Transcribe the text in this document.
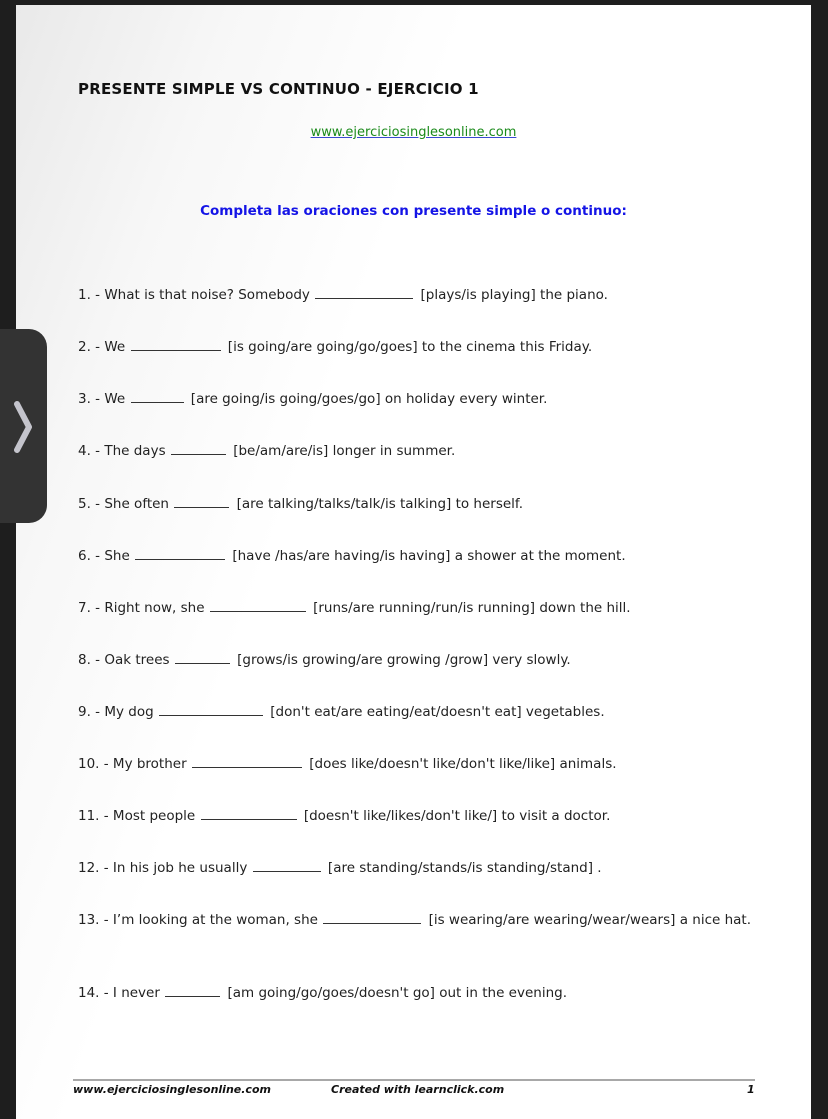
PRESENTE SIMPLE VS CONTINUO - EJERCICIO 1
www.ejerciciosinglesonline.com
Completa las oraciones con presente simple o continuo:
1. - What is that noise? Somebody	[plays/is playing] the piano.
2. - We	[is going/are going/go/goes] to the cinema this Friday.
3. - We	[are going/is going/goes/go] on holiday every winter.
4. - The days	[be/am/are/is] longer in summer.
5. - She often	[are talking/talks/talk/is talking] to herself.
6. - She	[have /has/are having/is having] a shower at the moment.
7. - Right now, she	[runs/are running/run/is running] down the hill.
8. - Oak trees	[grows/is growing/are growing /grow] very slowly.
9. - My dog	[don't eat/are eating/eat/doesn't eat] vegetables.
10. - My brother	[does like/doesn't like/don't like/like] animals.
11. - Most people	[doesn't like/likes/don't like/] to visit a doctor.
12. - In his job he usually	[are standing/stands/is standing/stand] .
13. - I’m looking at the woman, she	[is wearing/are wearing/wear/wears] a nice hat.
14. - I never	[am going/go/goes/doesn't go] out in the evening.
www.ejerciciosinglesonline.com	Created with learnclick.com	1
